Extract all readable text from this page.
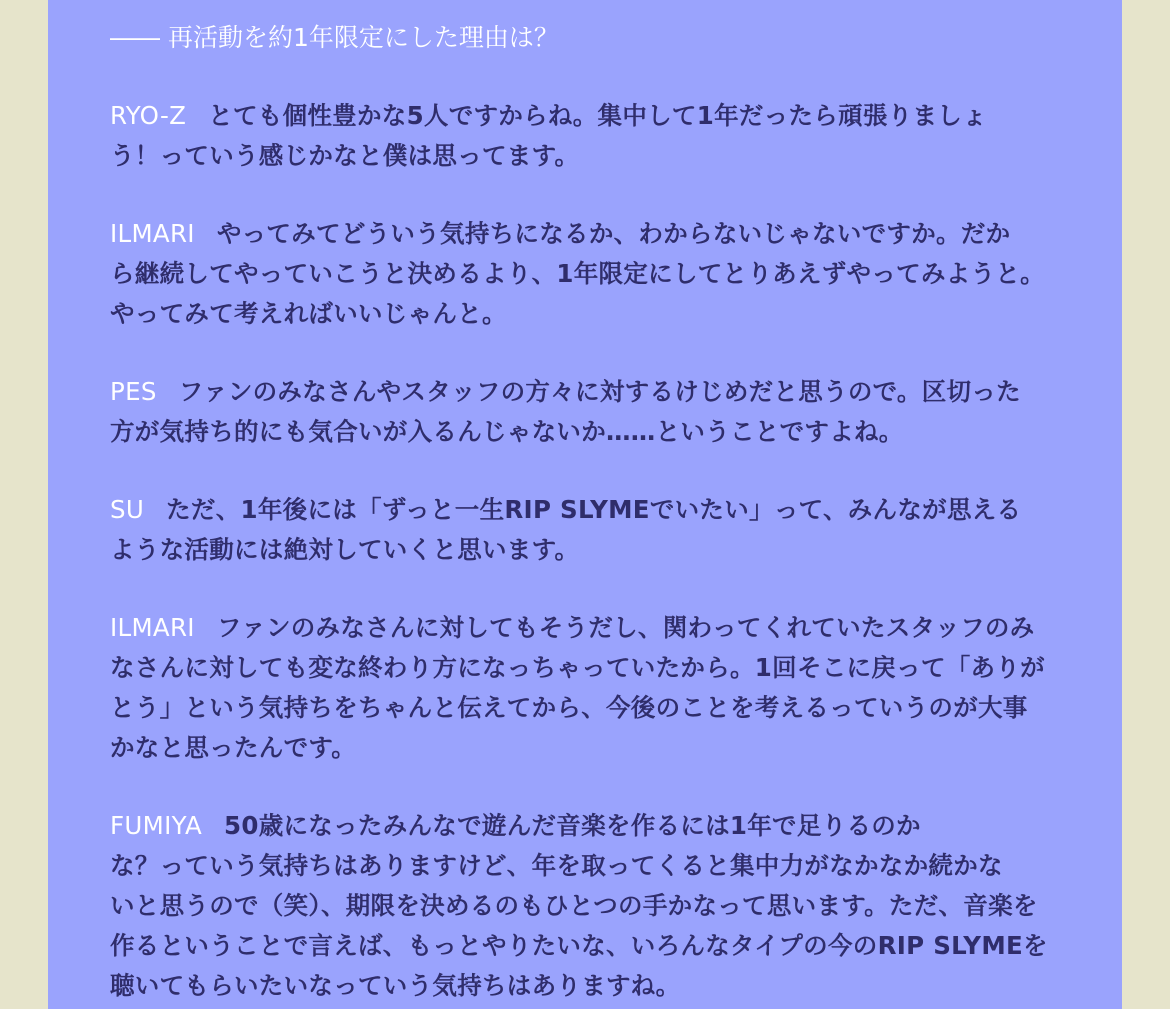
―― 再活動を約1年限定にした理由は？

RYO-Z とても個性豊かな5人ですからね。集中して1年だったら頑張りましょ
う！っていう感じかなと僕は思ってます。

ILMARI やってみてどういう気持ちになるか、わからないじゃないですか。だか
ら継続してやっていこうと決めるより、1年限定にしてとりあえずやってみようと。
やってみて考えればいいじゃんと。

PES ファンのみなさんやスタッフの方々に対するけじめだと思うので。区切った
方が気持ち的にも気合いが入るんじゃないか……ということですよね。

SU ただ、1年後には「ずっと一生RIP SLYMEでいたい」って、みんなが思える
ような活動には絶対していくと思います。

ILMARI ファンのみなさんに対してもそうだし、関わってくれていたスタッフのみ
なさんに対しても変な終わり方になっちゃっていたから。1回そこに戻って「ありが
とう」という気持ちをちゃんと伝えてから、今後のことを考えるっていうのが大事
かなと思ったんです。

FUMIYA 50歳になったみんなで遊んだ音楽を作るには1年で足りるのか
な？っていう気持ちはありますけど、年を取ってくると集中力がなかなか続かな
いと思うので（笑）、期限を決めるのもひとつの手かなって思います。ただ、音楽を
作るということで言えば、もっとやりたいな、いろんなタイプの今のRIP SLYMEを
聴いてもらいたいなっていう気持ちはありますね。
